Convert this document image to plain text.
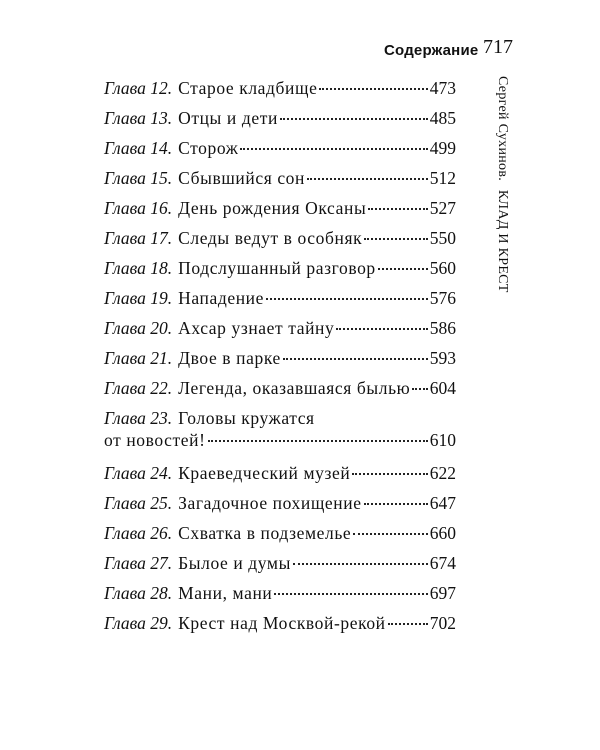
Содержание 717
Сергей Сухинов. КЛАД И КРЕСТ
Глава 12. Старое кладбище	473
Глава 13. Отцы и дети	485
Глава 14. Сторож	499
Глава 15. Сбывшийся сон	512
Глава 16. День рождения Оксаны	527
Глава 17. Следы ведут в особняк	550
Глава 18. Подслушанный разговор	560
Глава 19. Нападение	576
Глава 20. Ахсар узнает тайну	586
Глава 21. Двое в парке	593
Глава 22. Легенда, оказавшаяся былью 604
Глава 23. Головы кружатся
от новостей!	610
Глава 24. Краеведческий музей	622
Глава 25. Загадочное похищение	647
Глава 26. Схватка в подземелье	660
Глава 27. Былое и думы	674
Глава 28. Мани, мани	697
Глава 29. Крест над Москвой-рекой	702
